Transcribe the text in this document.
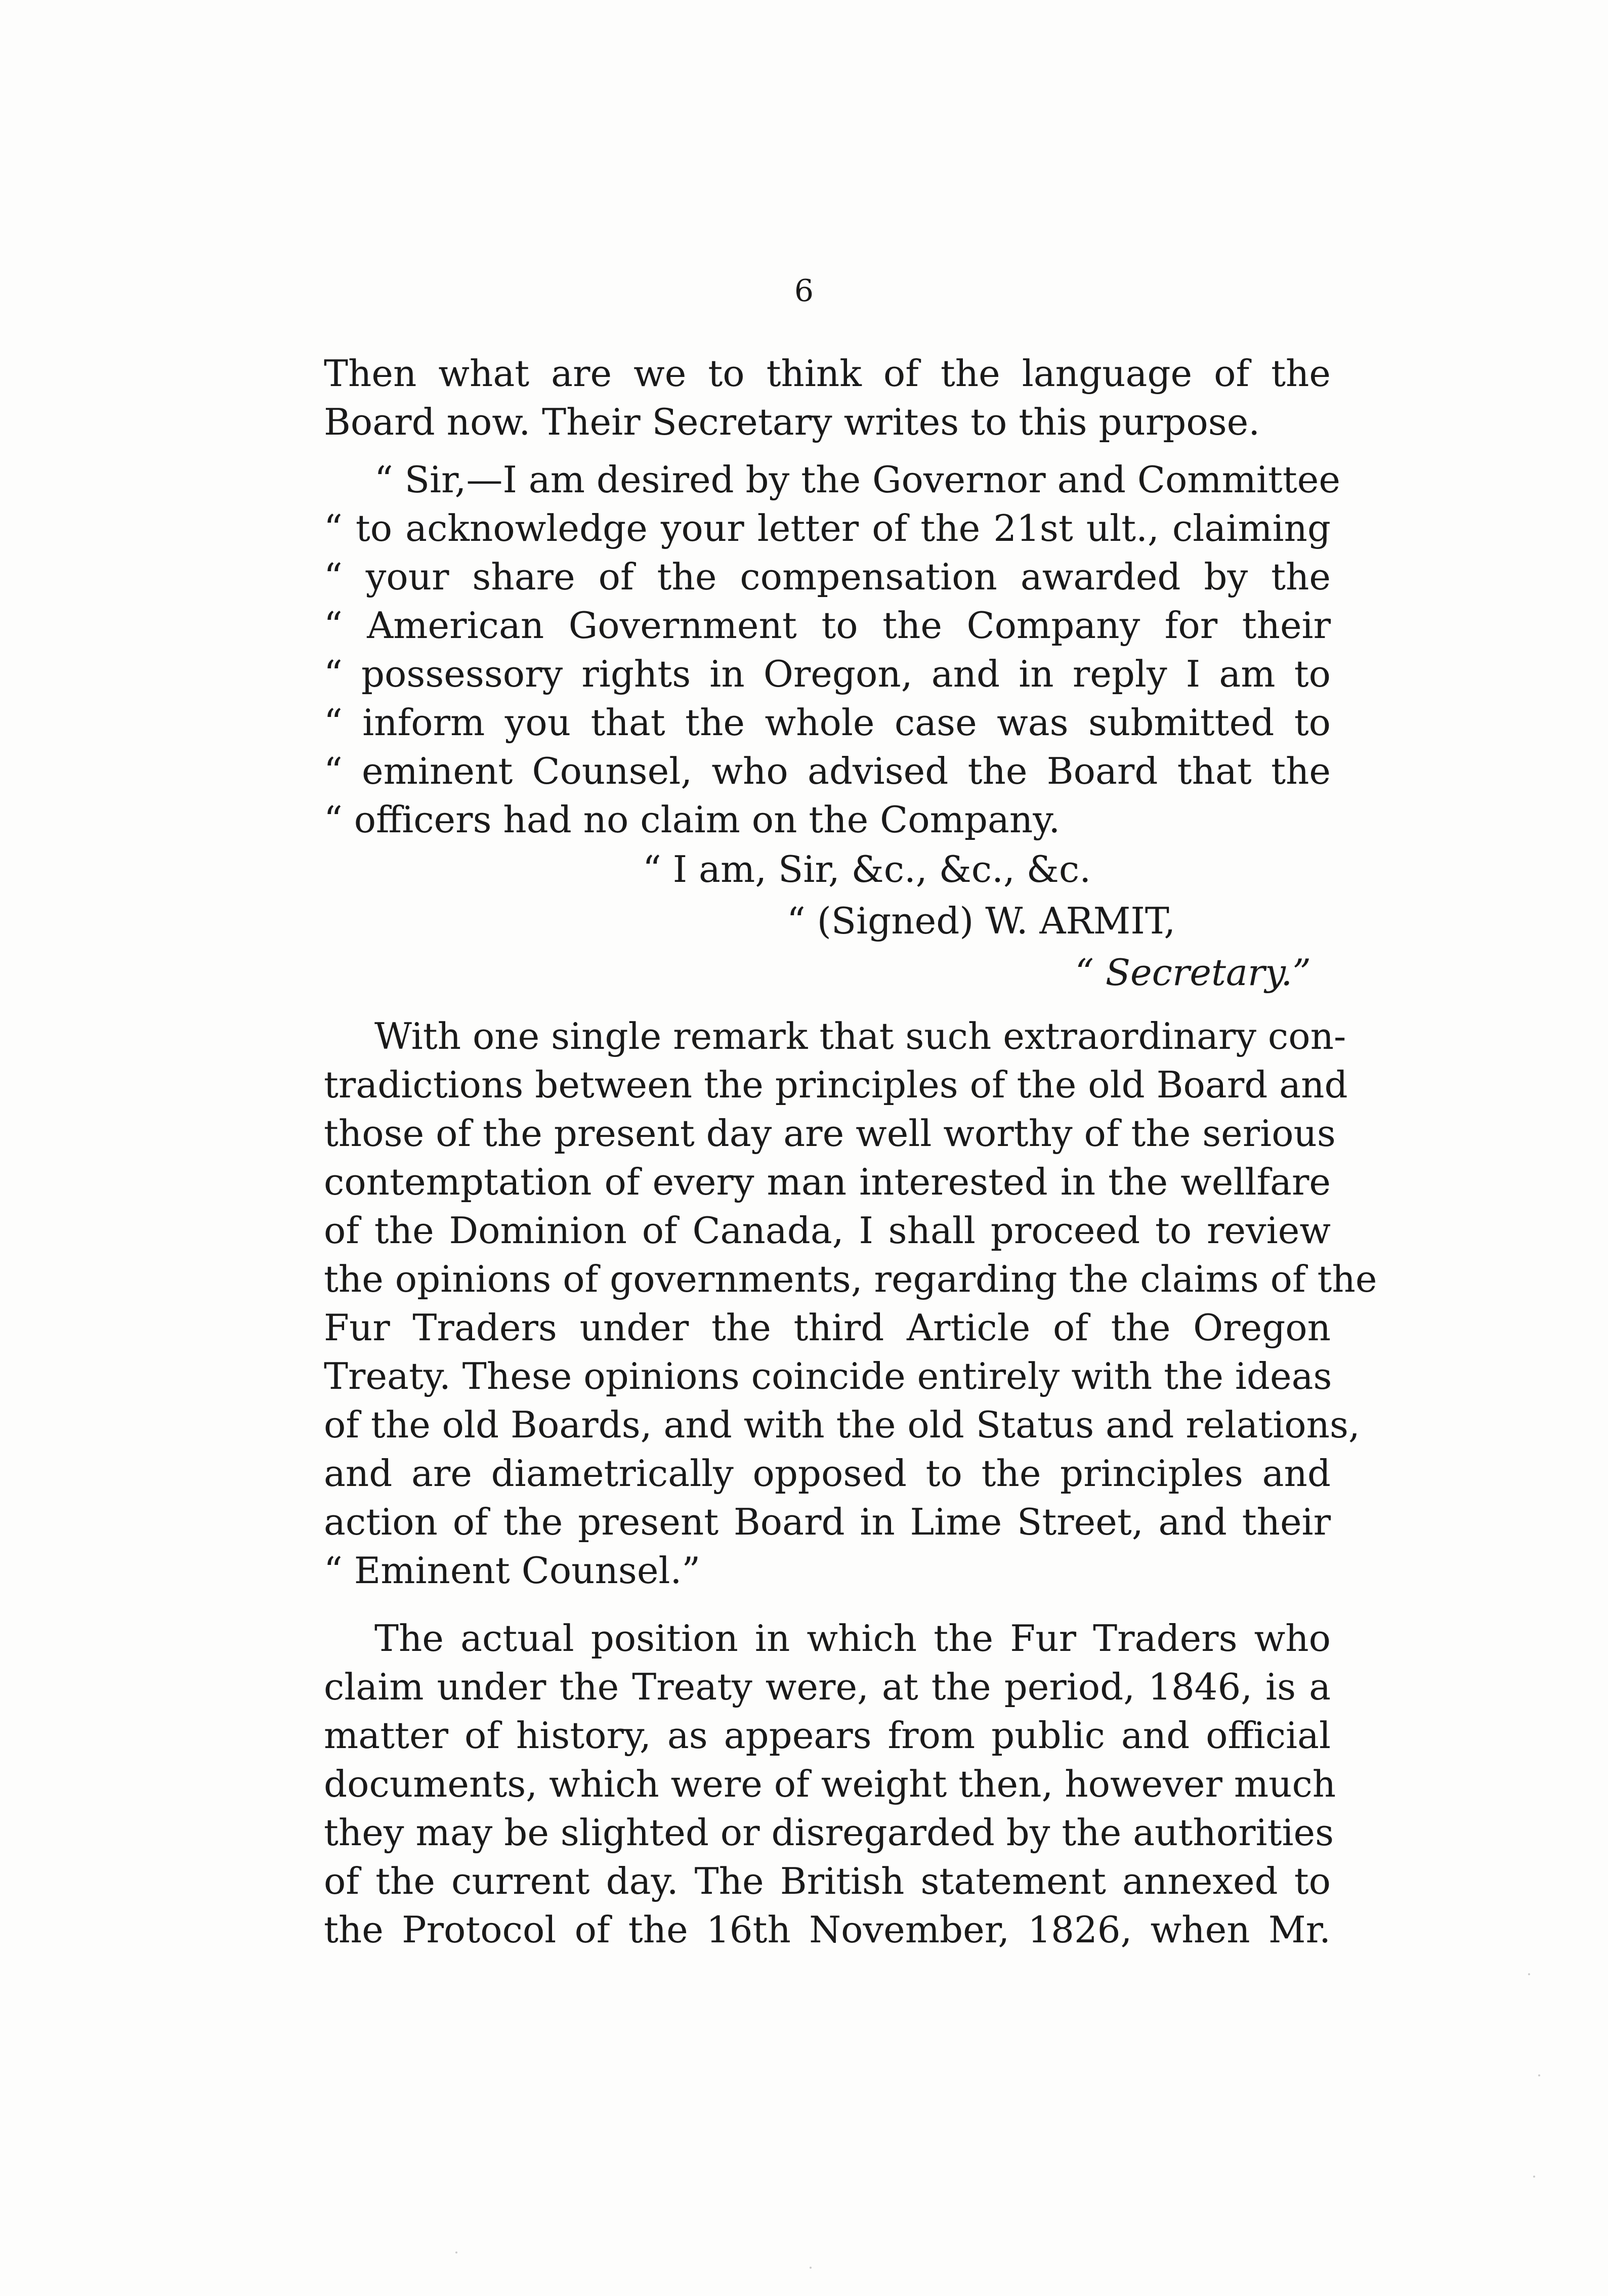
6
Then what are we to think of the language of the
Board now. Their Secretary writes to this purpose.
“ Sir,—I am desired by the Governor and Committee
“ to acknowledge your letter of the 21st ult., claiming
“ your share of the compensation awarded by the
“ American Government to the Company for their
“ possessory rights in Oregon, and in reply I am to
“ inform you that the whole case was submitted to
“ eminent Counsel, who advised the Board that the
“ officers had no claim on the Company.
“ I am, Sir, &c., &c., &c.
“ (Signed) W. ARMIT,
“ Secretary.”
With one single remark that such extraordinary con-
tradictions between the principles of the old Board and
those of the present day are well worthy of the serious
contemptation of every man interested in the wellfare
of the Dominion of Canada, I shall proceed to review
the opinions of governments, regarding the claims of the
Fur Traders under the third Article of the Oregon
Treaty. These opinions coincide entirely with the ideas
of the old Boards, and with the old Status and relations,
and are diametrically opposed to the principles and
action of the present Board in Lime Street, and their
“ Eminent Counsel.”
The actual position in which the Fur Traders who
claim under the Treaty were, at the period, 1846, is a
matter of history, as appears from public and official
documents, which were of weight then, however much
they may be slighted or disregarded by the authorities
of the current day. The British statement annexed to
the Protocol of the 16th November, 1826, when Mr.
